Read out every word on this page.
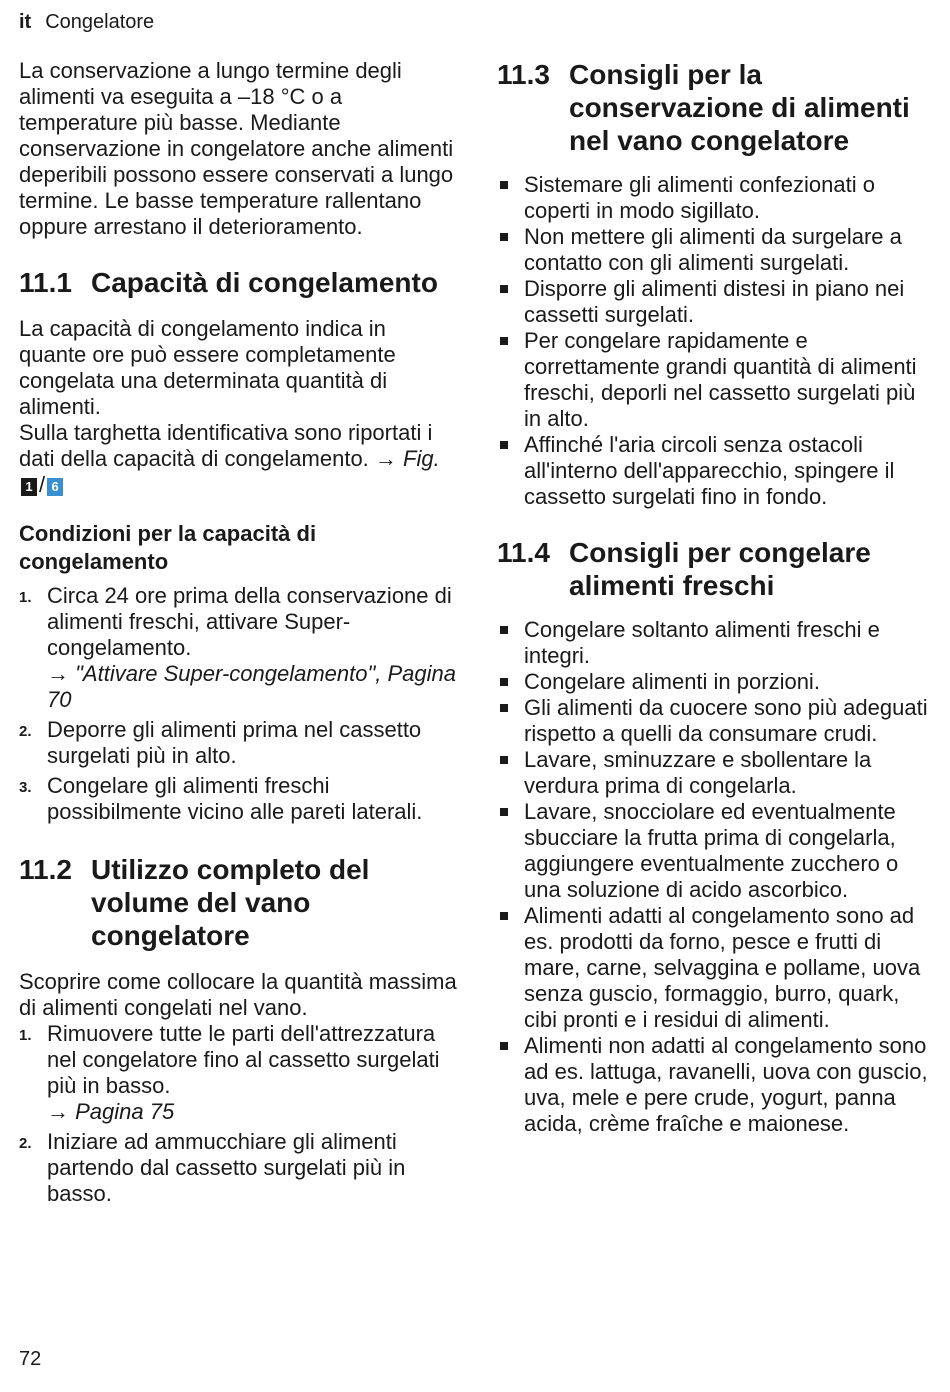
it Congelatore

La conservazione a lungo termine degli alimenti va eseguita a –18 °C o a temperature più basse. Mediante conservazione in congelatore anche alimenti deperibili possono essere conservati a lungo termine. Le basse temperature rallentano oppure arrestano il deterioramento.

11.1 Capacità di congelamento

La capacità di congelamento indica in quante ore può essere completamente congelata una determinata quantità di alimenti.

Sulla targhetta identificativa sono riportati i dati della capacità di congelamento. → Fig. 1 / 6

Condizioni per la capacità di congelamento
1. Circa 24 ore prima della conservazione di alimenti freschi, attivare Super-congelamento.
→ "Attivare Super-congelamento", Pagina 70
2. Deporre gli alimenti prima nel cassetto surgelati più in alto.
3. Congelare gli alimenti freschi possibilmente vicino alle pareti laterali.
11.2 Utilizzo completo del volume del vano congelatore

Scoprire come collocare la quantità massima di alimenti congelati nel vano.

1. Rimuovere tutte le parti dell'attrezzatura nel congelatore fino al cassetto surgelati più in basso.
→ Pagina 75
2. Iniziare ad ammucchiare gli alimenti partendo dal cassetto surgelati più in basso.
11.3 Consigli per la conservazione di alimenti nel vano congelatore
Sistemare gli alimenti confezionati o coperti in modo sigillato.
Non mettere gli alimenti da surgelare a contatto con gli alimenti surgelati.
Disporre gli alimenti distesi in piano nei cassetti surgelati.
Per congelare rapidamente e correttamente grandi quantità di alimenti freschi, deporli nel cassetto surgelati più in alto.
Affinché l'aria circoli senza ostacoli all'interno dell'apparecchio, spingere il cassetto surgelati fino in fondo.
11.4 Consigli per congelare alimenti freschi
Congelare soltanto alimenti freschi e integri.
Congelare alimenti in porzioni.
Gli alimenti da cuocere sono più adeguati rispetto a quelli da consumare crudi.
Lavare, sminuzzare e sbollentare la verdura prima di congelarla.
Lavare, snocciolare ed eventualmente sbucciare la frutta prima di congelarla, aggiungere eventualmente zucchero o una soluzione di acido ascorbico.
Alimenti adatti al congelamento sono ad es. prodotti da forno, pesce e frutti di mare, carne, selvaggina e pollame, uova senza guscio, formaggio, burro, quark, cibi pronti e i residui di alimenti.
Alimenti non adatti al congelamento sono ad es. lattuga, ravanelli, uova con guscio, uva, mele e pere crude, yogurt, panna acida, crème fraîche e maionese.
72
